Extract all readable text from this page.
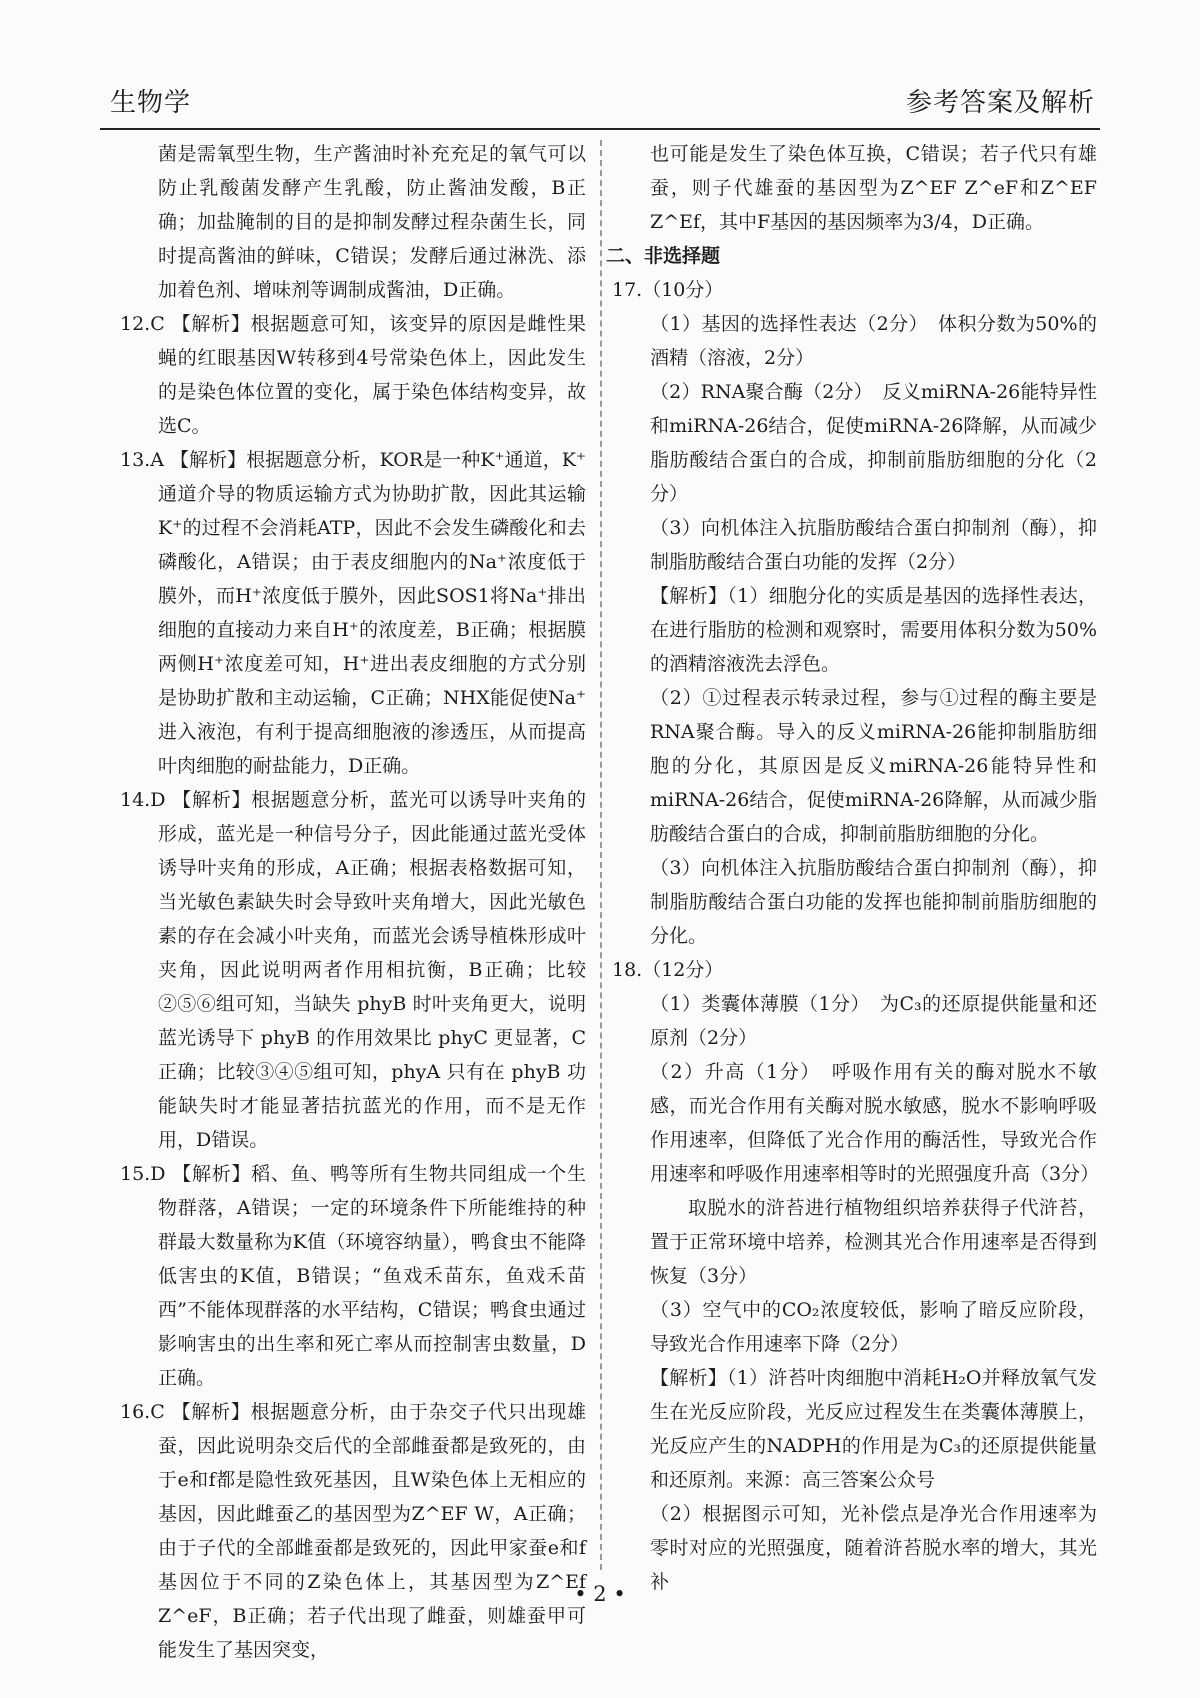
生物学	参考答案及解析

菌是需氧型生物，生产酱油时补充充足的氧气可以防止乳酸菌发酵产生乳酸，防止酱油发酸，B正确；加盐腌制的目的是抑制发酵过程杂菌生长，同时提高酱油的鲜味，C错误；发酵后通过淋洗、添加着色剂、增味剂等调制成酱油，D正确。

12.C 【解析】根据题意可知，该变异的原因是雌性果蝇的红眼基因W转移到4号常染色体上，因此发生的是染色体位置的变化，属于染色体结构变异，故选C。

13.A 【解析】根据题意分析，KOR是一种K⁺通道，K⁺通道介导的物质运输方式为协助扩散，因此其运输K⁺的过程不会消耗ATP，因此不会发生磷酸化和去磷酸化，A错误；由于表皮细胞内的Na⁺浓度低于膜外，而H⁺浓度低于膜外，因此SOS1将Na⁺排出细胞的直接动力来自H⁺的浓度差，B正确；根据膜两侧H⁺浓度差可知，H⁺进出表皮细胞的方式分别是协助扩散和主动运输，C正确；NHX能促使Na⁺进入液泡，有利于提高细胞液的渗透压，从而提高叶肉细胞的耐盐能力，D正确。

14.D 【解析】根据题意分析，蓝光可以诱导叶夹角的形成，蓝光是一种信号分子，因此能通过蓝光受体诱导叶夹角的形成，A正确；根据表格数据可知，当光敏色素缺失时会导致叶夹角增大，因此光敏色素的存在会减小叶夹角，而蓝光会诱导植株形成叶夹角，因此说明两者作用相抗衡，B正确；比较②⑤⑥组可知，当缺失 phyB 时叶夹角更大，说明蓝光诱导下 phyB 的作用效果比 phyC 更显著，C正确；比较③④⑤组可知，phyA 只有在 phyB 功能缺失时才能显著拮抗蓝光的作用，而不是无作用，D错误。

15.D 【解析】稻、鱼、鸭等所有生物共同组成一个生物群落，A错误；一定的环境条件下所能维持的种群最大数量称为K值（环境容纳量），鸭食虫不能降低害虫的K值，B错误；“鱼戏禾苗东，鱼戏禾苗西”不能体现群落的水平结构，C错误；鸭食虫通过影响害虫的出生率和死亡率从而控制害虫数量，D正确。

16.C 【解析】根据题意分析，由于杂交子代只出现雄蚕，因此说明杂交后代的全部雌蚕都是致死的，由于e和f都是隐性致死基因，且W染色体上无相应的基因，因此雌蚕乙的基因型为Z^EF W，A正确；由于子代的全部雌蚕都是致死的，因此甲家蚕e和f基因位于不同的Z染色体上，其基因型为Z^Ef Z^eF，B正确；若子代出现了雌蚕，则雄蚕甲可能发生了基因突变，

也可能是发生了染色体互换，C错误；若子代只有雄蚕，则子代雄蚕的基因型为Z^EF Z^eF和Z^EF Z^Ef，其中F基因的基因频率为3/4，D正确。

二、非选择题

17.（10分）

（1）基因的选择性表达（2分）　体积分数为50%的酒精（溶液，2分）

（2）RNA聚合酶（2分）　反义miRNA-26能特异性和miRNA-26结合，促使miRNA-26降解，从而减少脂肪酸结合蛋白的合成，抑制前脂肪细胞的分化（2分）

（3）向机体注入抗脂肪酸结合蛋白抑制剂（酶），抑制脂肪酸结合蛋白功能的发挥（2分）

【解析】（1）细胞分化的实质是基因的选择性表达，在进行脂肪的检测和观察时，需要用体积分数为50%的酒精溶液洗去浮色。

（2）①过程表示转录过程，参与①过程的酶主要是RNA聚合酶。导入的反义miRNA-26能抑制脂肪细胞的分化，其原因是反义miRNA-26能特异性和miRNA-26结合，促使miRNA-26降解，从而减少脂肪酸结合蛋白的合成，抑制前脂肪细胞的分化。

（3）向机体注入抗脂肪酸结合蛋白抑制剂（酶），抑制脂肪酸结合蛋白功能的发挥也能抑制前脂肪细胞的分化。

18.（12分）

（1）类囊体薄膜（1分）　为C₃的还原提供能量和还原剂（2分）

（2）升高（1分）　呼吸作用有关的酶对脱水不敏感，而光合作用有关酶对脱水敏感，脱水不影响呼吸作用速率，但降低了光合作用的酶活性，导致光合作用速率和呼吸作用速率相等时的光照强度升高（3分）

取脱水的浒苔进行植物组织培养获得子代浒苔，置于正常环境中培养，检测其光合作用速率是否得到恢复（3分）

（3）空气中的CO₂浓度较低，影响了暗反应阶段，导致光合作用速率下降（2分）

【解析】（1）浒苔叶肉细胞中消耗H₂O并释放氧气发生在光反应阶段，光反应过程发生在类囊体薄膜上，光反应产生的NADPH的作用是为C₃的还原提供能量和还原剂。来源：高三答案公众号

（2）根据图示可知，光补偿点是净光合作用速率为零时对应的光照强度，随着浒苔脱水率的增大，其光补

• 2 •
